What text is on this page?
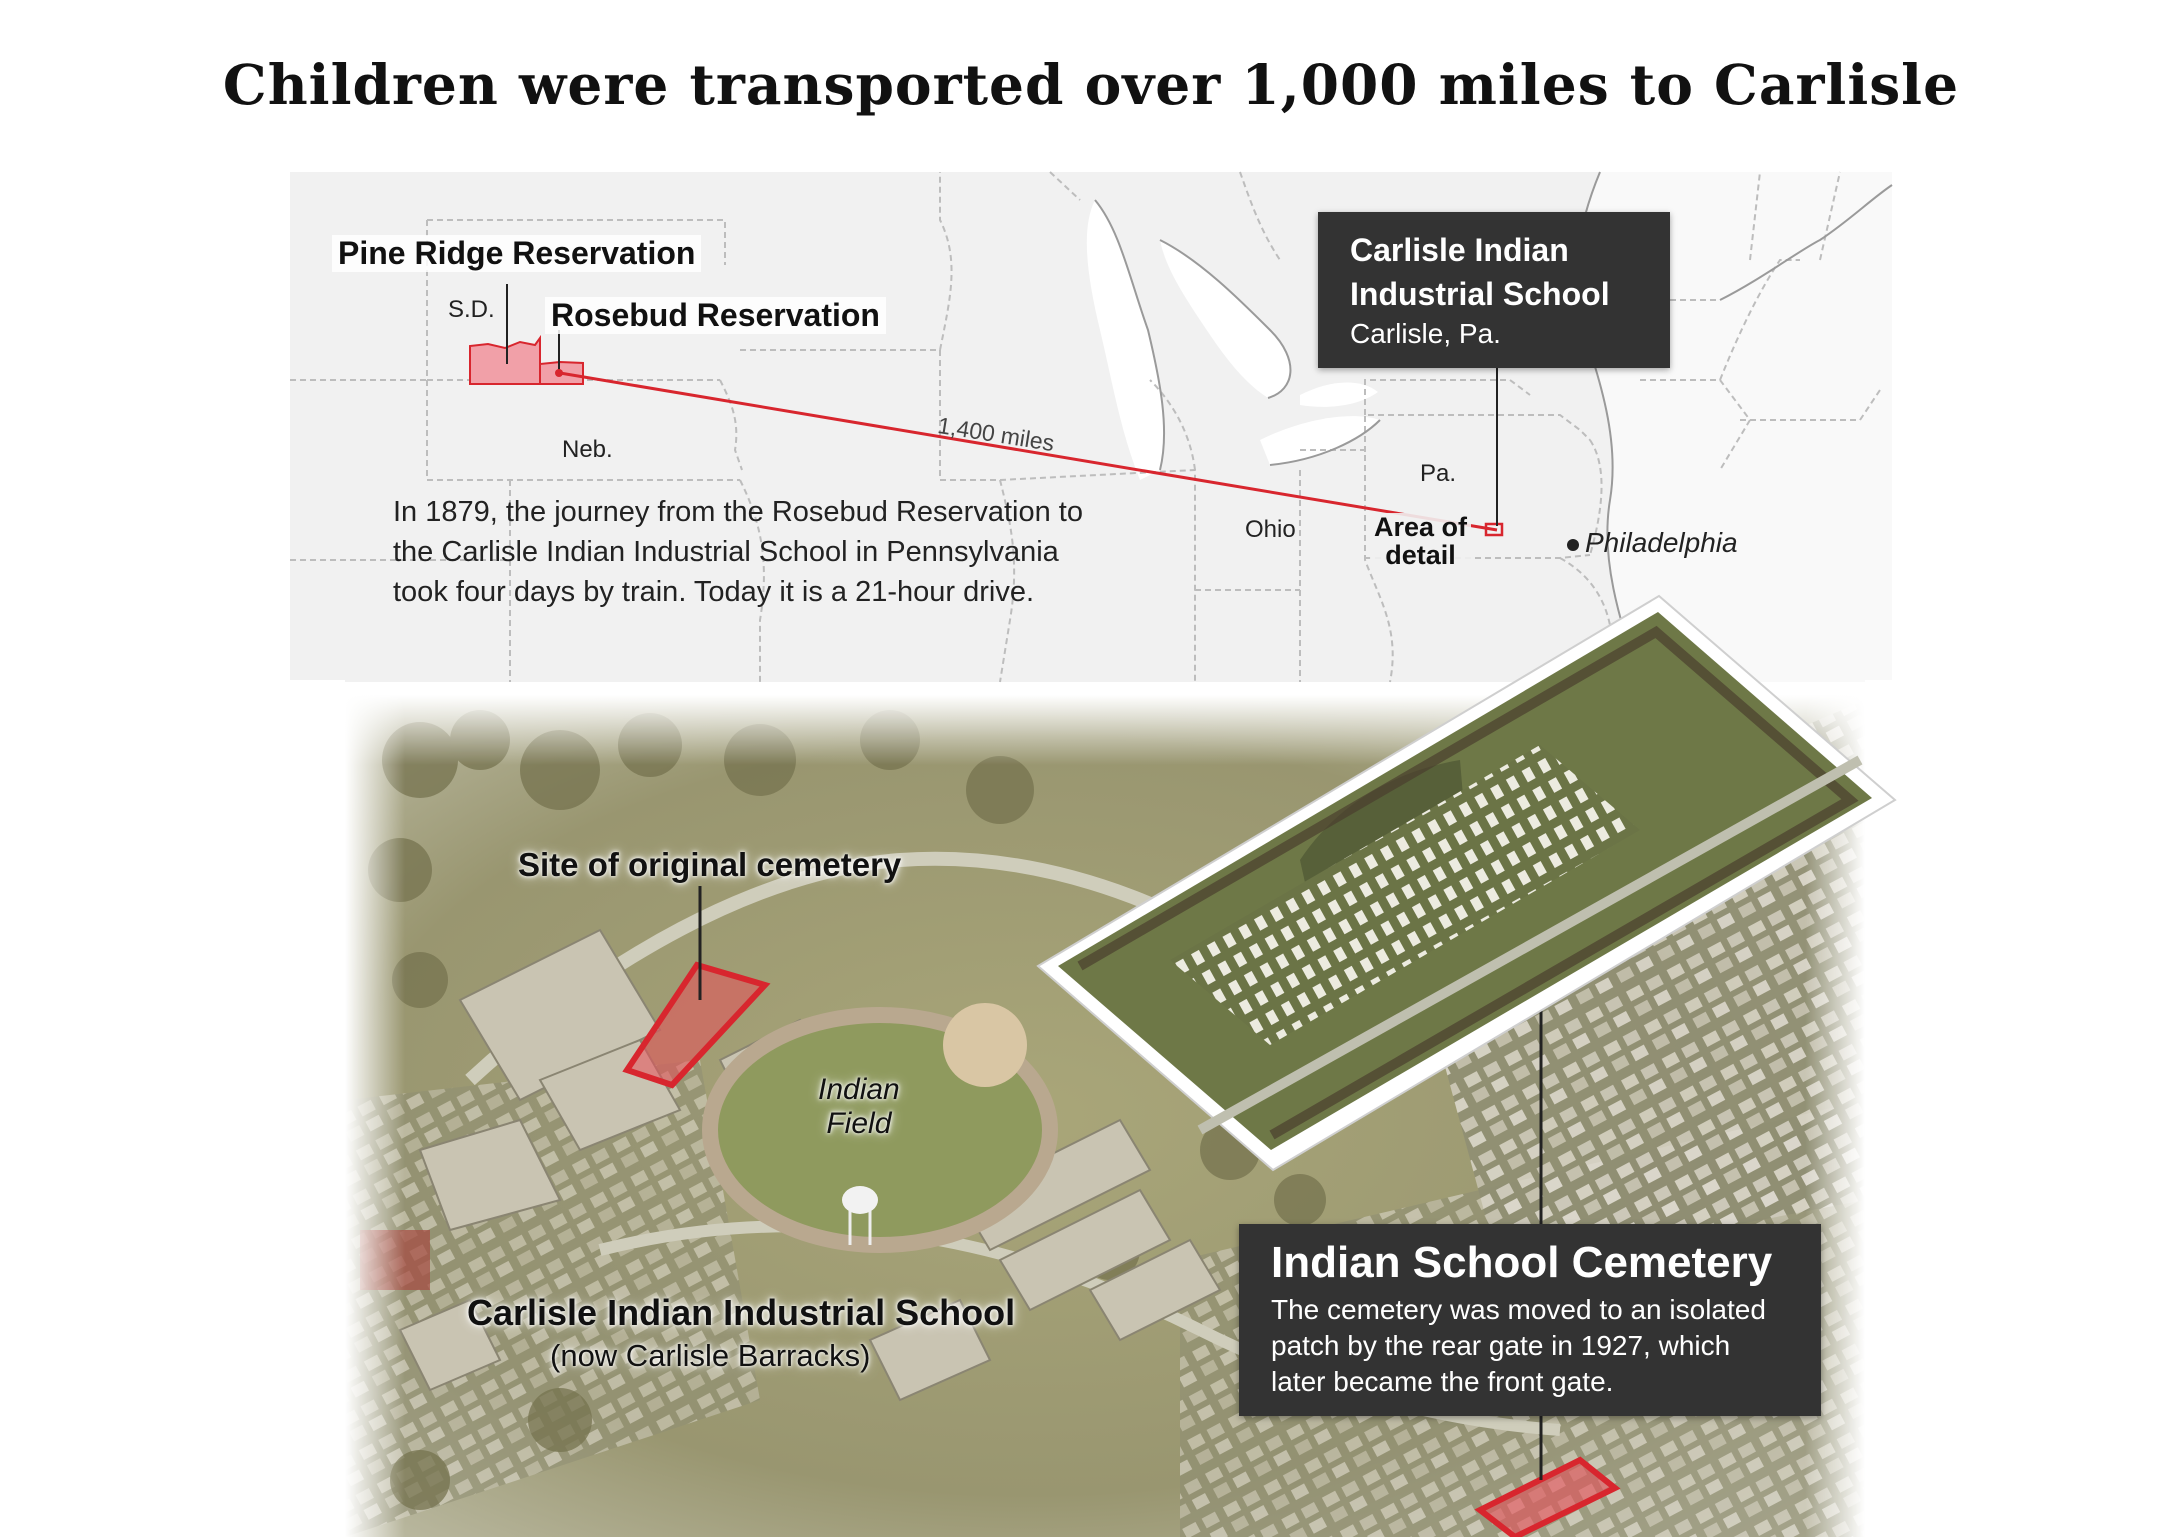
Children were transported over 1,000 miles to Carlisle
Pine Ridge Reservation
S.D. Rosebud Reservation
Neb.	1,400 miles
Ohio
Pa.
Area of
detail	Philadelphia
In 1879, the journey from the Rosebud Reservation to
the Carlisle Indian Industrial School in Pennsylvania
took four days by train. Today it is a 21-hour drive.
Carlisle Indian
Industrial School
Carlisle, Pa.
Site of original cemetery
Indian
Field
Carlisle Indian Industrial School
(now Carlisle Barracks)
Indian School Cemetery
The cemetery was moved to an isolated
patch by the rear gate in 1927, which
later became the front gate.
